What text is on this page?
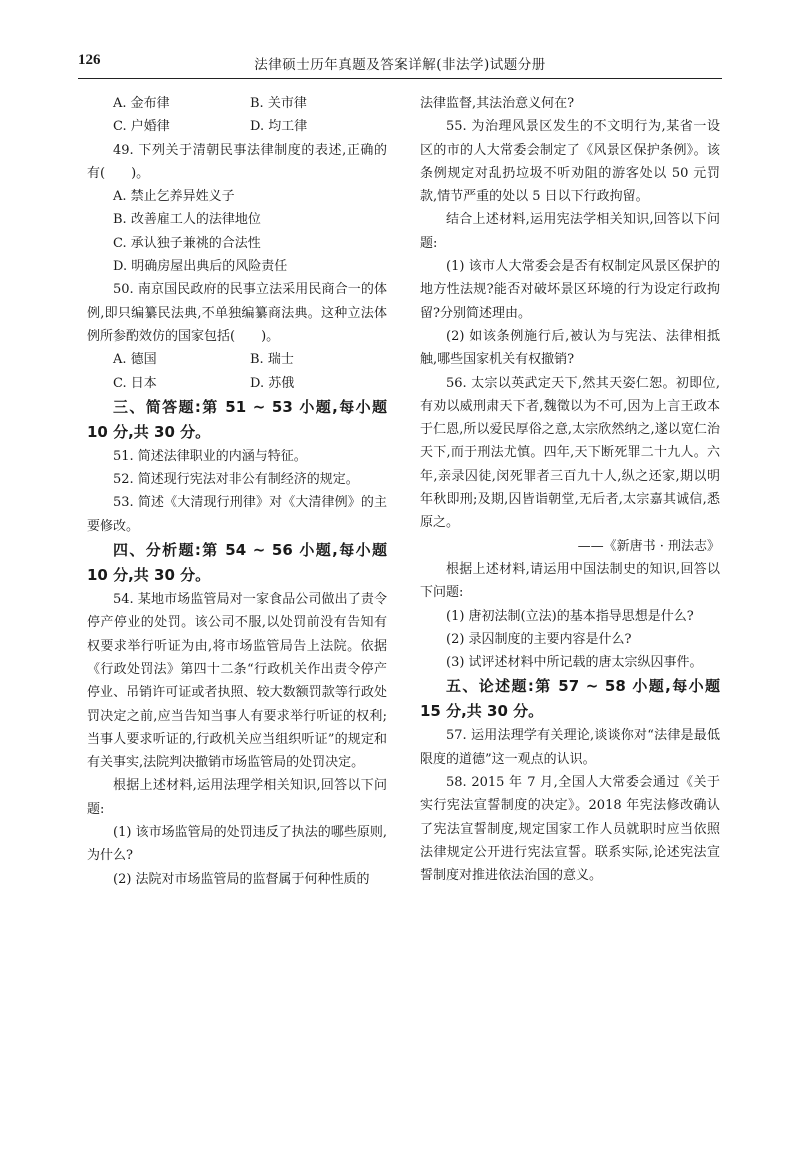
126	法律硕士历年真题及答案详解(非法学)试题分册
A. 金布律	B. 关市律
C. 户婚律	D. 均工律

49. 下列关于清朝民事法律制度的表述,正确的有(　　)。

A. 禁止乞养异姓义子

B. 改善雇工人的法律地位

C. 承认独子兼祧的合法性

D. 明确房屋出典后的风险责任

50. 南京国民政府的民事立法采用民商合一的体例,即只编纂民法典,不单独编纂商法典。这种立法体例所参酌效仿的国家包括(　　)。

A. 德国	B. 瑞士
C. 日本	D. 苏俄

三、简答题:第 51 ~ 53 小题,每小题 10 分,共 30 分。

51. 简述法律职业的内涵与特征。

52. 简述现行宪法对非公有制经济的规定。

53. 简述《大清现行刑律》对《大清律例》的主要修改。

四、分析题:第 54 ~ 56 小题,每小题 10 分,共 30 分。

54. 某地市场监管局对一家食品公司做出了责令停产停业的处罚。该公司不服,以处罚前没有告知有权要求举行听证为由,将市场监管局告上法院。依据《行政处罚法》第四十二条“行政机关作出责令停产停业、吊销许可证或者执照、较大数额罚款等行政处罚决定之前,应当告知当事人有要求举行听证的权利;当事人要求听证的,行政机关应当组织听证”的规定和有关事实,法院判决撤销市场监管局的处罚决定。

根据上述材料,运用法理学相关知识,回答以下问题:

(1) 该市场监管局的处罚违反了执法的哪些原则,为什么?

(2) 法院对市场监管局的监督属于何种性质的

法律监督,其法治意义何在?

55. 为治理风景区发生的不文明行为,某省一设区的市的人大常委会制定了《风景区保护条例》。该条例规定对乱扔垃圾不听劝阻的游客处以 50 元罚款,情节严重的处以 5 日以下行政拘留。

结合上述材料,运用宪法学相关知识,回答以下问题:

(1) 该市人大常委会是否有权制定风景区保护的地方性法规?能否对破坏景区环境的行为设定行政拘留?分别简述理由。

(2) 如该条例施行后,被认为与宪法、法律相抵触,哪些国家机关有权撤销?

56. 太宗以英武定天下,然其天姿仁恕。初即位,有劝以威刑肃天下者,魏徵以为不可,因为上言王政本于仁恩,所以爱民厚俗之意,太宗欣然纳之,遂以宽仁治天下,而于刑法尤慎。四年,天下断死罪二十九人。六年,亲录囚徒,闵死罪者三百九十人,纵之还家,期以明年秋即刑;及期,囚皆诣朝堂,无后者,太宗嘉其诚信,悉原之。

——《新唐书 · 刑法志》

根据上述材料,请运用中国法制史的知识,回答以下问题:

(1) 唐初法制(立法)的基本指导思想是什么?

(2) 录囚制度的主要内容是什么?

(3) 试评述材料中所记载的唐太宗纵囚事件。

五、论述题:第 57 ~ 58 小题,每小题 15 分,共 30 分。

57. 运用法理学有关理论,谈谈你对“法律是最低限度的道德”这一观点的认识。

58. 2015 年 7 月,全国人大常委会通过《关于实行宪法宣誓制度的决定》。2018 年宪法修改确认了宪法宣誓制度,规定国家工作人员就职时应当依照法律规定公开进行宪法宣誓。联系实际,论述宪法宣誓制度对推进依法治国的意义。
